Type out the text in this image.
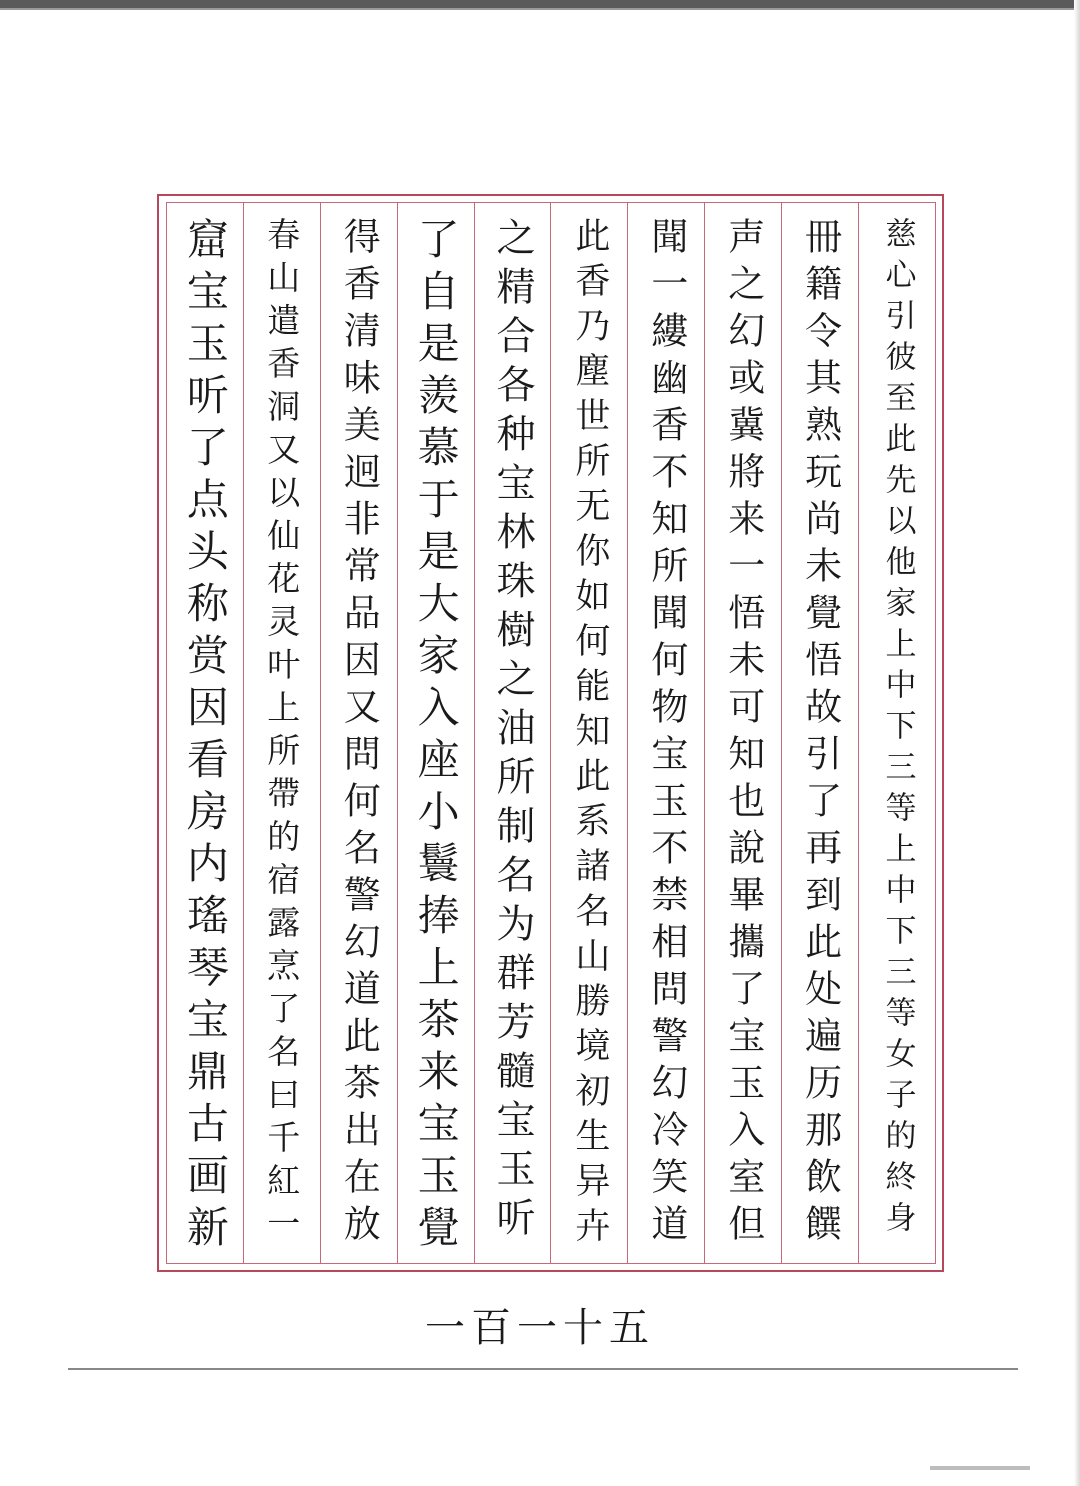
慈心引彼至此先以他家上中下三等上中下三等女子的終身
冊籍令其熟玩尚未覺悟故引了再到此处遍历那飲饌
声之幻或冀將来一悟未可知也說畢攜了宝玉入室但
聞一縷幽香不知所聞何物宝玉不禁相問警幻冷笑道
此香乃塵世所无你如何能知此系諸名山勝境初生异卉
之精合各种宝林珠樹之油所制名为群芳髓宝玉听
了自是羨慕于是大家入座小鬟捧上茶来宝玉覺
得香清味美迥非常品因又問何名警幻道此茶出在放
春山遣香洞又以仙花灵叶上所帶的宿露烹了名曰千紅一
窟宝玉听了点头称赏因看房内瑤琴宝鼎古画新
一百一十五
